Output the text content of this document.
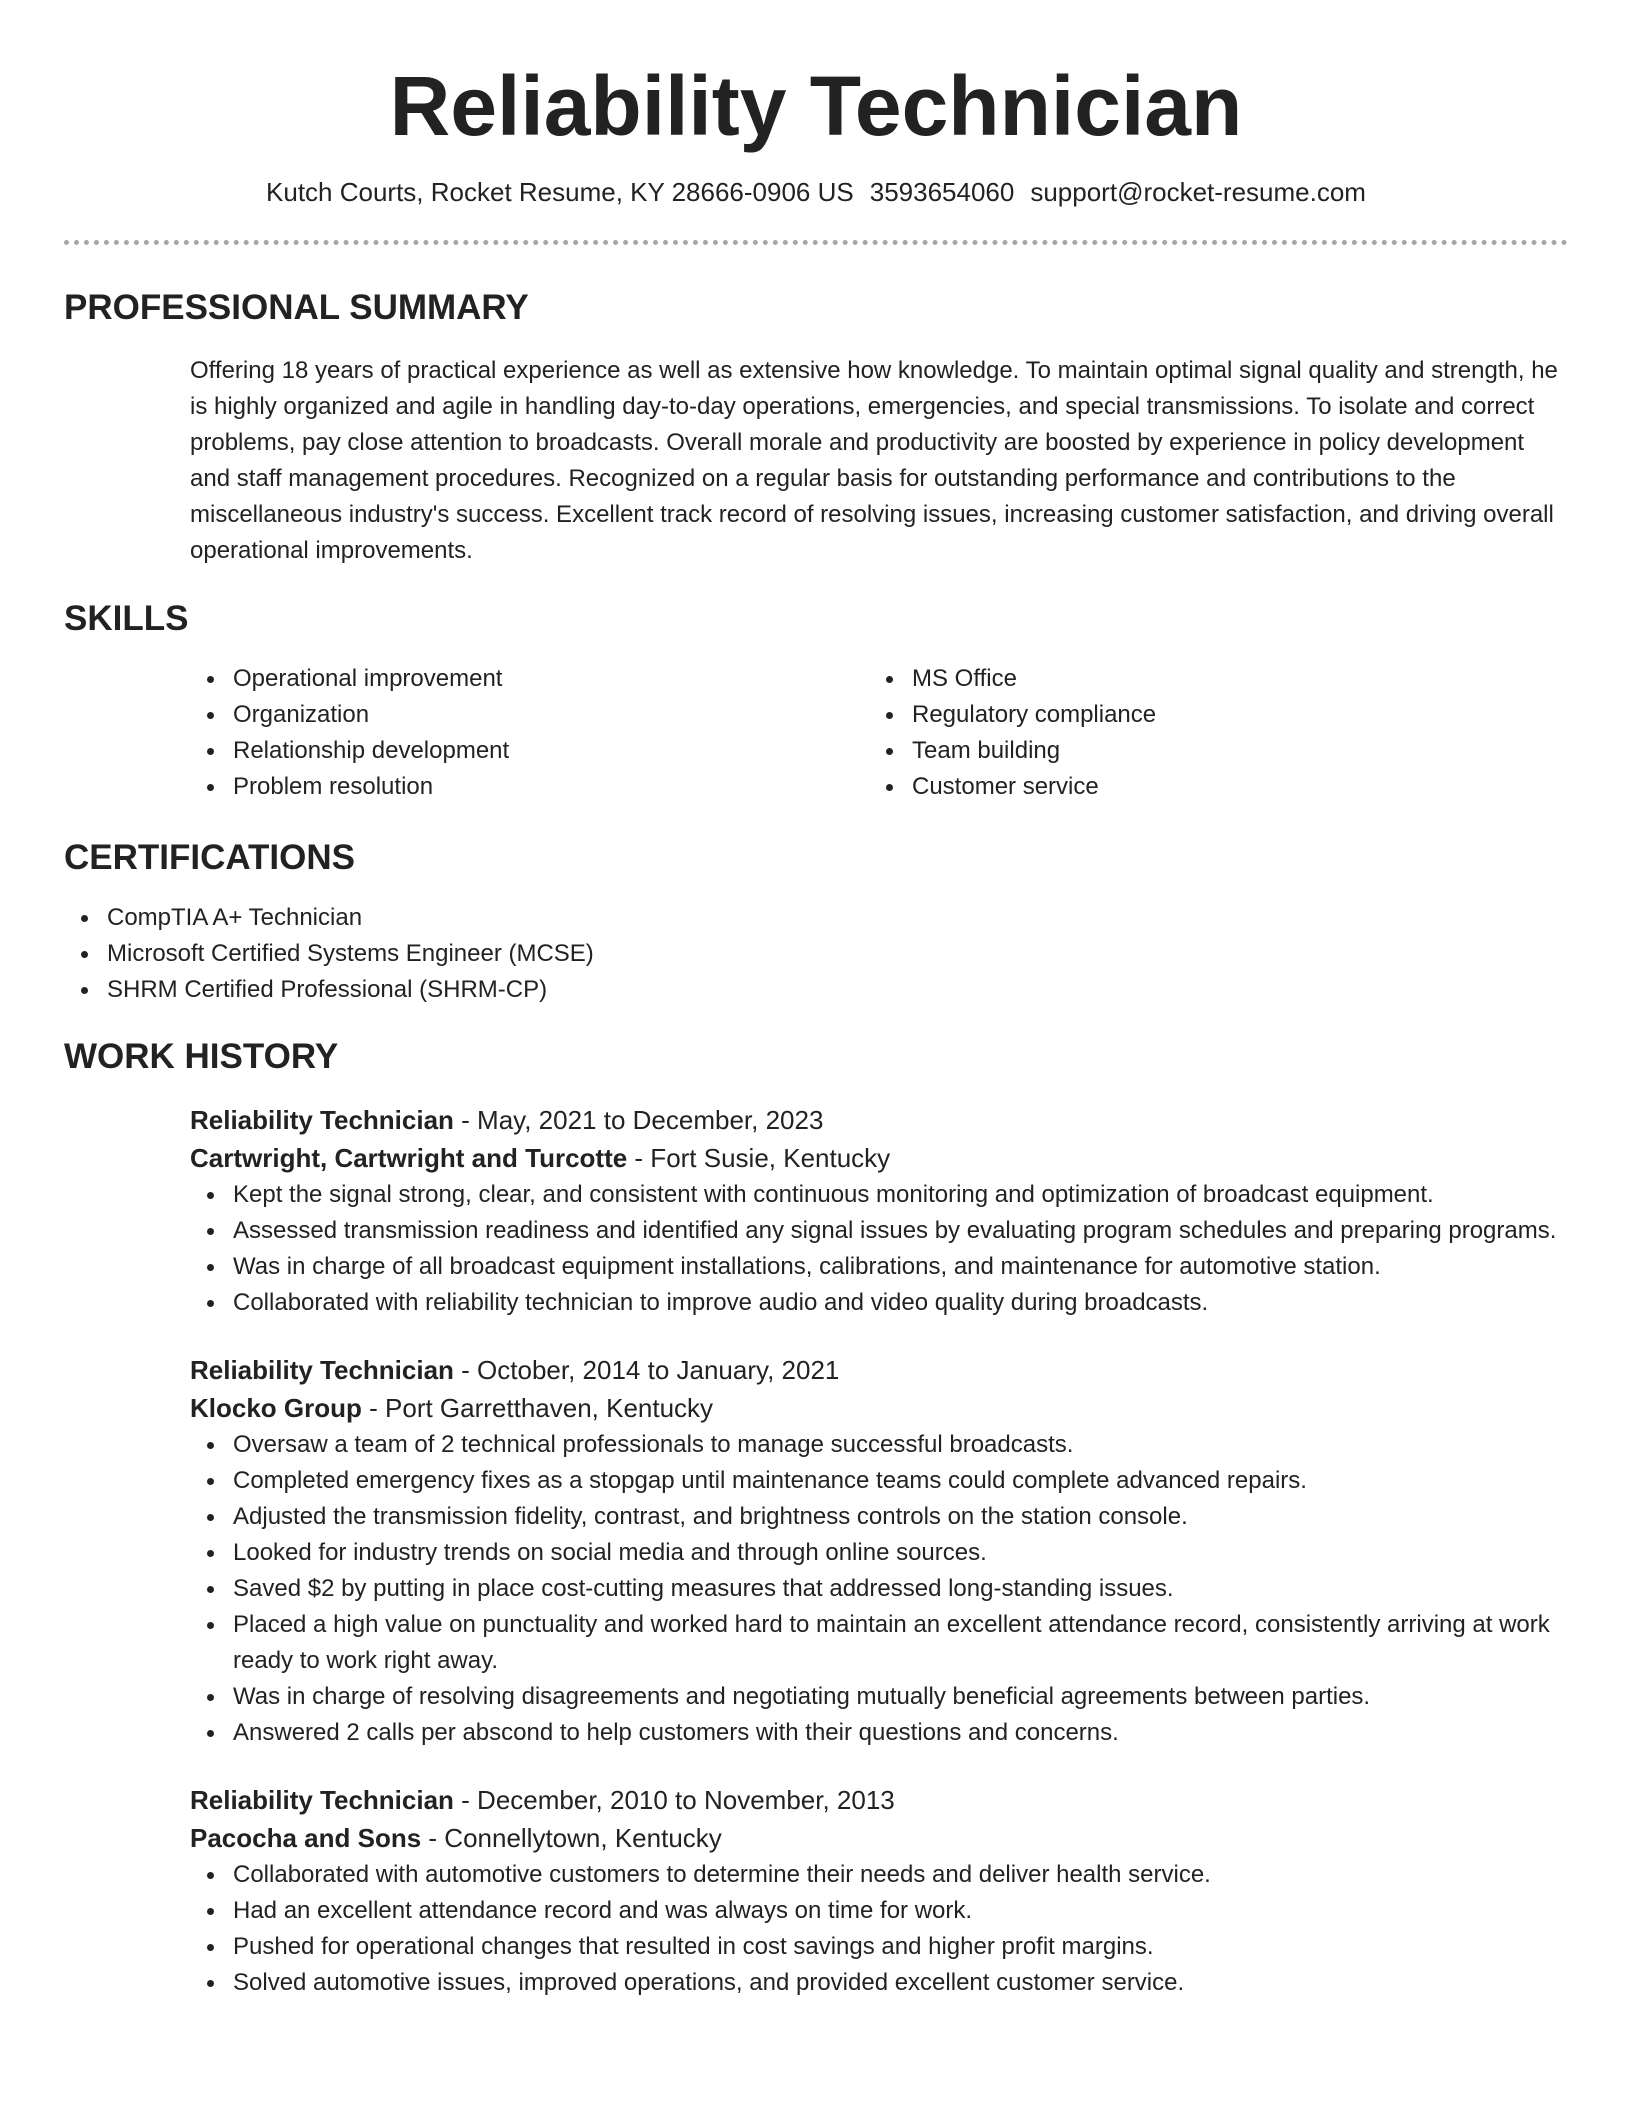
Reliability Technician
Kutch Courts, Rocket Resume, KY 28666-0906 US 3593654060 support@rocket-resume.com
PROFESSIONAL SUMMARY

Offering 18 years of practical experience as well as extensive how knowledge. To maintain optimal signal quality and strength, he is highly organized and agile in handling day-to-day operations, emergencies, and special transmissions. To isolate and correct problems, pay close attention to broadcasts. Overall morale and productivity are boosted by experience in policy development and staff management procedures. Recognized on a regular basis for outstanding performance and contributions to the miscellaneous industry's success. Excellent track record of resolving issues, increasing customer satisfaction, and driving overall operational improvements.

SKILLS
Operational improvement
Organization
Relationship development
Problem resolution
MS Office
Regulatory compliance
Team building
Customer service
CERTIFICATIONS
CompTIA A+ Technician
Microsoft Certified Systems Engineer (MCSE)
SHRM Certified Professional (SHRM-CP)
WORK HISTORY
Reliability Technician - May, 2021 to December, 2023
Cartwright, Cartwright and Turcotte - Fort Susie, Kentucky
Kept the signal strong, clear, and consistent with continuous monitoring and optimization of broadcast equipment.
Assessed transmission readiness and identified any signal issues by evaluating program schedules and preparing programs.
Was in charge of all broadcast equipment installations, calibrations, and maintenance for automotive station.
Collaborated with reliability technician to improve audio and video quality during broadcasts.
Reliability Technician - October, 2014 to January, 2021
Klocko Group - Port Garretthaven, Kentucky
Oversaw a team of 2 technical professionals to manage successful broadcasts.
Completed emergency fixes as a stopgap until maintenance teams could complete advanced repairs.
Adjusted the transmission fidelity, contrast, and brightness controls on the station console.
Looked for industry trends on social media and through online sources.
Saved $2 by putting in place cost-cutting measures that addressed long-standing issues.
Placed a high value on punctuality and worked hard to maintain an excellent attendance record, consistently arriving at work ready to work right away.
Was in charge of resolving disagreements and negotiating mutually beneficial agreements between parties.
Answered 2 calls per abscond to help customers with their questions and concerns.
Reliability Technician - December, 2010 to November, 2013
Pacocha and Sons - Connellytown, Kentucky
Collaborated with automotive customers to determine their needs and deliver health service.
Had an excellent attendance record and was always on time for work.
Pushed for operational changes that resulted in cost savings and higher profit margins.
Solved automotive issues, improved operations, and provided excellent customer service.
